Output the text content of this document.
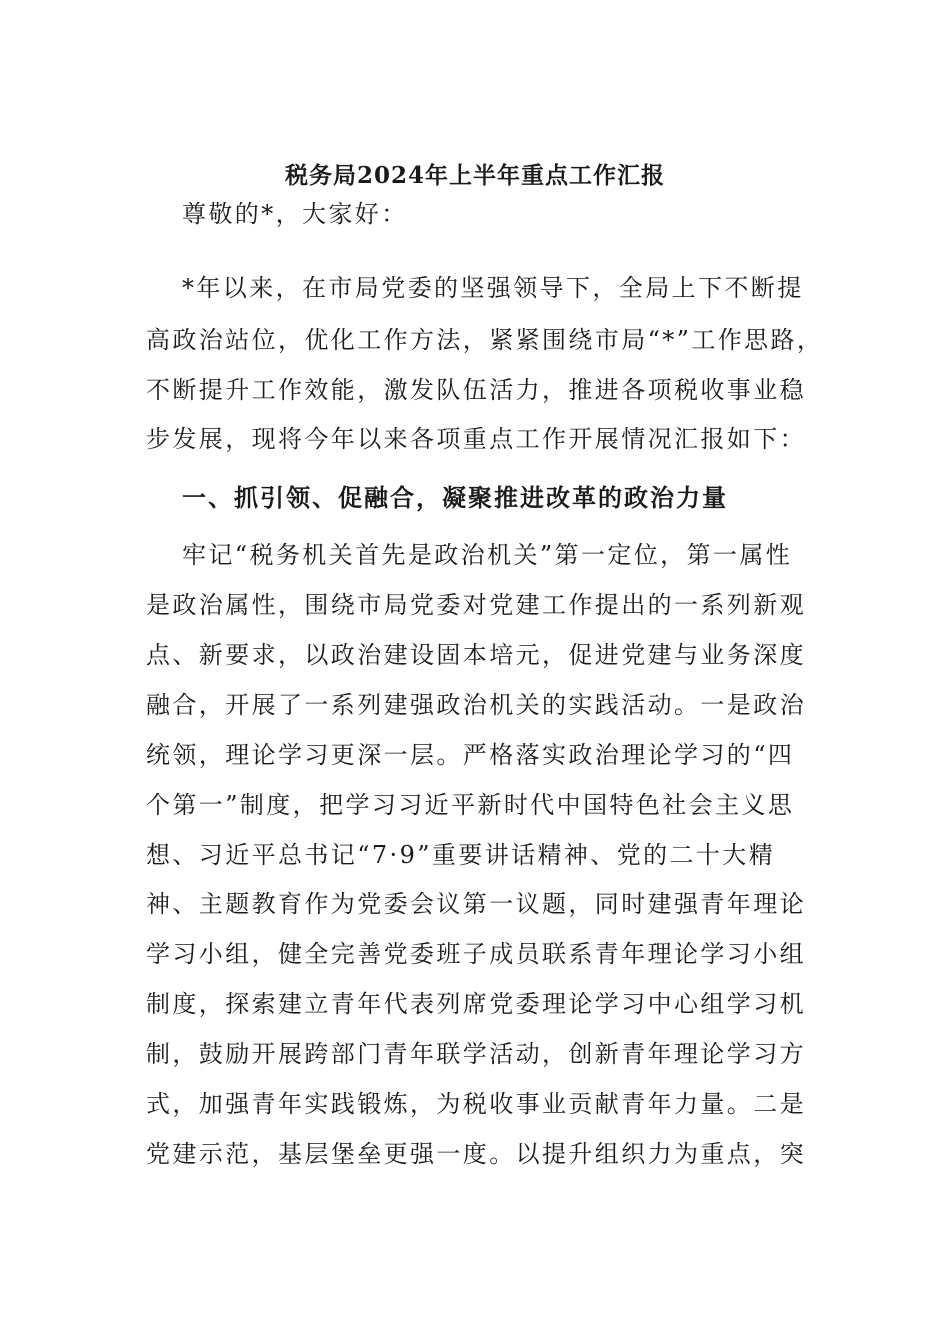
税务局2024年上半年重点工作汇报
尊敬的*，大家好：
*年以来，在市局党委的坚强领导下，全局上下不断提
高政治站位，优化工作方法，紧紧围绕市局“*”工作思路，
不断提升工作效能，激发队伍活力，推进各项税收事业稳
步发展，现将今年以来各项重点工作开展情况汇报如下：
一、抓引领、促融合，凝聚推进改革的政治力量
牢记“税务机关首先是政治机关”第一定位，第一属性
是政治属性，围绕市局党委对党建工作提出的一系列新观
点、新要求，以政治建设固本培元，促进党建与业务深度
融合，开展了一系列建强政治机关的实践活动。一是政治
统领，理论学习更深一层。严格落实政治理论学习的“四
个第一”制度，把学习习近平新时代中国特色社会主义思
想、习近平总书记“7·9”重要讲话精神、党的二十大精
神、主题教育作为党委会议第一议题，同时建强青年理论
学习小组，健全完善党委班子成员联系青年理论学习小组
制度，探索建立青年代表列席党委理论学习中心组学习机
制，鼓励开展跨部门青年联学活动，创新青年理论学习方
式，加强青年实践锻炼，为税收事业贡献青年力量。二是
党建示范，基层堡垒更强一度。以提升组织力为重点，突
